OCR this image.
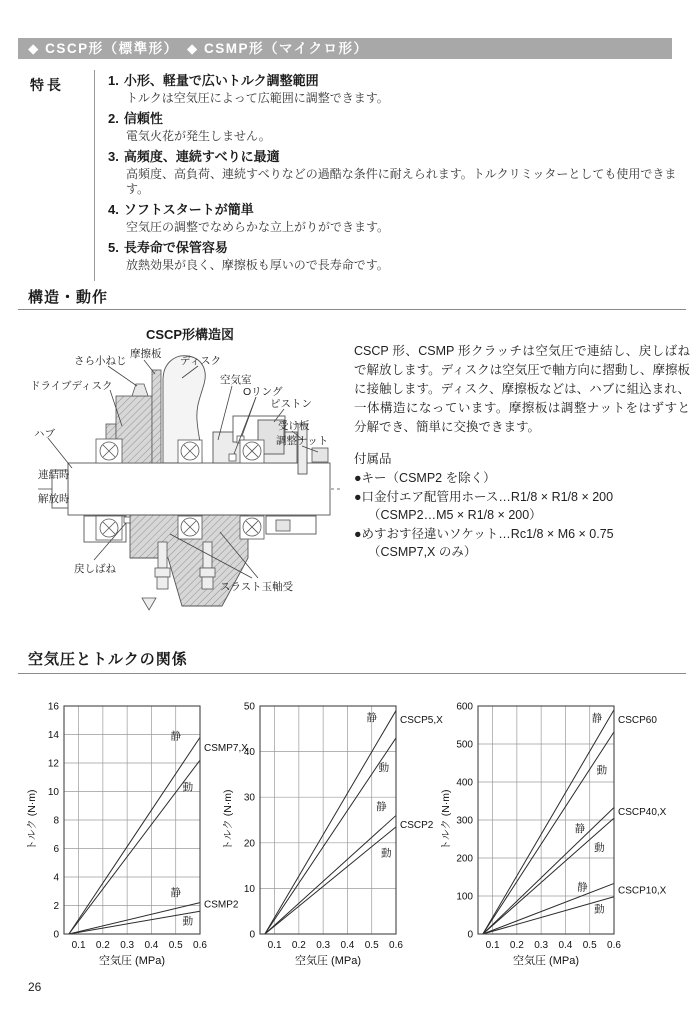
◆ CSCP形（標準形）　◆ CSMP形（マイクロ形）
特長	1. 小形、軽量で広いトルク調整範囲
トルクは空気圧によって広範囲に調整できます。
2. 信頼性
電気火花が発生しません。
3. 高頻度、連続すべりに最適
高頻度、高負荷、連続すべりなどの過酷な条件に耐えられます。トルクリミッターとしても使用できます。
4. ソフトスタートが簡単
空気圧の調整でなめらかな立上がりができます。
5. 長寿命で保管容易
放熱効果が良く、摩擦板も厚いので長寿命です。
構造・動作
CSCP形構造図
さら小ねじ
摩擦板
ディスク
空気室
Oリング
ピストン
受け板
調整ナット
ドライブディスク
ハブ
連結時
解放時
戻しばね
スラスト玉軸受
CSCP 形、CSMP 形クラッチは空気圧で連結し、戻しばねで解放します。ディスクは空気圧で軸方向に摺動し、摩擦板に接触します。ディスク、摩擦板などは、ハブに組込まれ、一体構造になっています。摩擦板は調整ナットをはずすと分解でき、簡単に交換できます。
付属品
●キー（CSMP2 を除く）
●口金付エア配管用ホース…R1/8 × R1/8 × 200
（CSMP2…M5 × R1/8 × 200）
●めすおす径違いソケット…Rc1/8 × M6 × 0.75
（CSMP7,X のみ）
空気圧とトルクの関係
0
2
4
6
8
10
12
14
16
0.1 0.2 0.3 0.4 0.5 0.6
静
動
静
動
CSMP7,X
CSMP2
空気圧 (MPa)
トルク (N·m)
0
10
20
30
40
50
0.1 0.2 0.3 0.4 0.5 0.6
静
動
静
動
CSCP5,X
CSCP2
空気圧 (MPa)
トルク (N·m)
0
100
200
300
400
500
600
0.1 0.2 0.3 0.4 0.5 0.6
静
動
静
動
静
動
CSCP60
CSCP40,X
CSCP10,X
空気圧 (MPa)
トルク (N·m)
26
